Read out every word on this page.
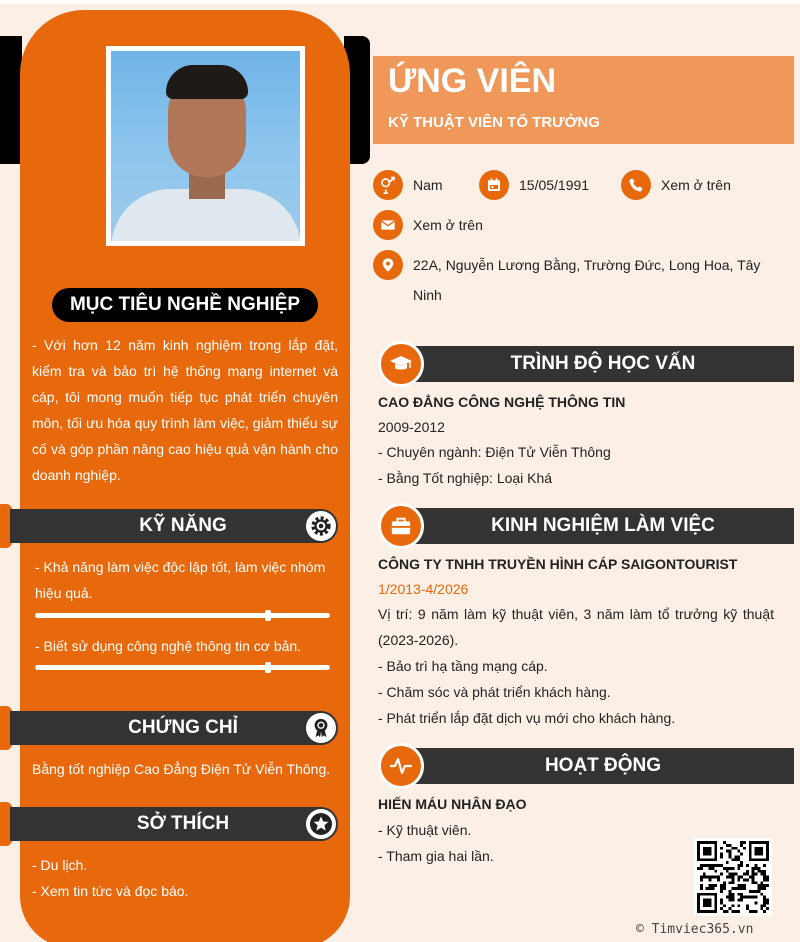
MỤC TIÊU NGHỀ NGHIỆP
- Với hơn 12 năm kinh nghiệm trong lắp đặt, kiểm tra và bảo trì hệ thống mạng internet và cáp, tôi mong muốn tiếp tục phát triển chuyên môn, tối ưu hóa quy trình làm việc, giảm thiểu sự cố và góp phần nâng cao hiệu quả vận hành cho doanh nghiệp.
KỸ NĂNG
- Khả năng làm việc độc lập tốt, làm việc nhóm hiệu quả.
- Biết sử dụng công nghệ thông tin cơ bản.
CHỨNG CHỈ
Bằng tốt nghiệp Cao Đẳng Điện Tử Viễn Thông.
SỞ THÍCH
- Du lịch.
- Xem tin tức và đọc báo.
ỨNG VIÊN
KỸ THUẬT VIÊN TỔ TRƯỞNG
Nam	15/05/1991	Xem ở trên
Xem ở trên
22A, Nguyễn Lương Bằng, Trường Đức, Long Hoa, Tây Ninh
TRÌNH ĐỘ HỌC VẤN
CAO ĐẲNG CÔNG NGHỆ THÔNG TIN
2009-2012
- Chuyên ngành: Điện Tử Viễn Thông
- Bằng Tốt nghiệp: Loại Khá
KINH NGHIỆM LÀM VIỆC
CÔNG TY TNHH TRUYỀN HÌNH CÁP SAIGONTOURIST
1/2013-4/2026
Vị trí: 9 năm làm kỹ thuật viên, 3 năm làm tổ trưởng kỹ thuật (2023-2026).
- Bảo trì hạ tầng mạng cáp.
- Chăm sóc và phát triển khách hàng.
- Phát triển lắp đặt dịch vụ mới cho khách hàng.
HOẠT ĐỘNG
HIẾN MÁU NHÂN ĐẠO
- Kỹ thuật viên.
- Tham gia hai lần.
© Timviec365.vn
